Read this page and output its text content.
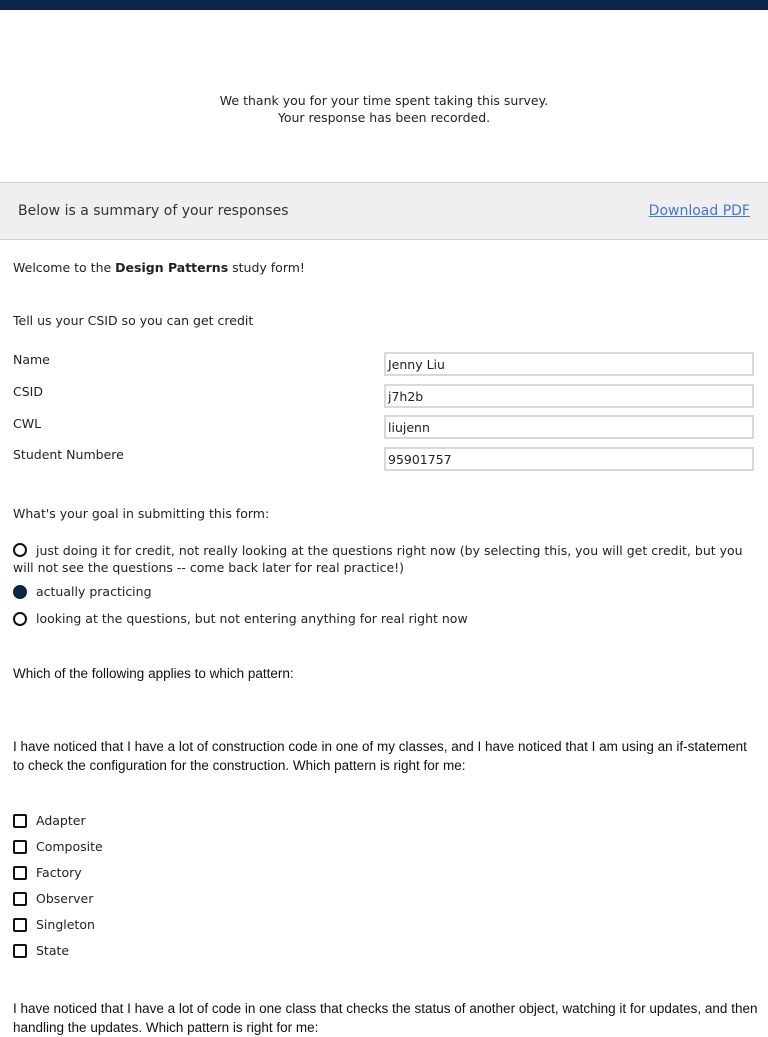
We thank you for your time spent taking this survey.
Your response has been recorded.
Below is a summary of your responses	Download PDF
Welcome to the Design Patterns study form!
Tell us your CSID so you can get credit
Name	Jenny Liu
CSID	j7h2b
CWL	liujenn
Student Numbere	95901757
What's your goal in submitting this form:
just doing it for credit, not really looking at the questions right now (by selecting this, you will get credit, but you will not see the questions -- come back later for real practice!)
actually practicing
looking at the questions, but not entering anything for real right now
Which of the following applies to which pattern:
I have noticed that I have a lot of construction code in one of my classes, and I have noticed that I am using an if-statement to check the configuration for the construction. Which pattern is right for me:
Adapter
Composite
Factory
Observer
Singleton
State
I have noticed that I have a lot of code in one class that checks the status of another object, watching it for updates, and then handling the updates. Which pattern is right for me:
